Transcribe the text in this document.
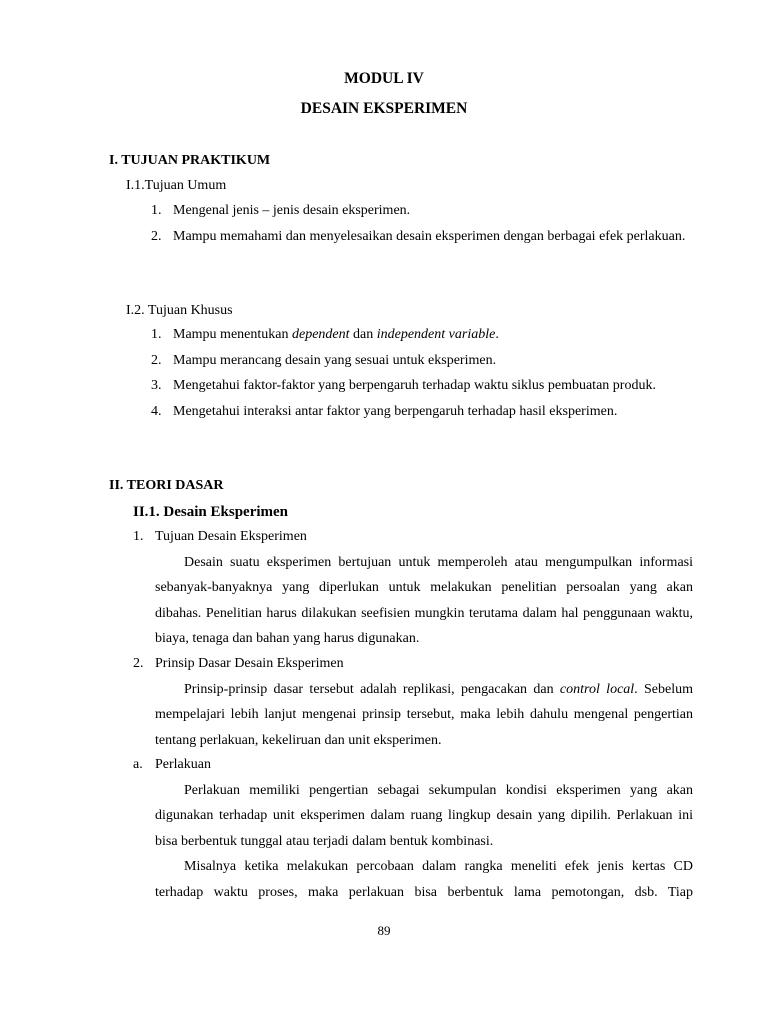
MODUL IV
DESAIN EKSPERIMEN
I. TUJUAN PRAKTIKUM
I.1.Tujuan Umum
1. Mengenal jenis – jenis desain eksperimen.
2. Mampu memahami dan menyelesaikan desain eksperimen dengan berbagai efek perlakuan.
I.2. Tujuan Khusus
1. Mampu menentukan dependent dan independent variable.
2. Mampu merancang desain yang sesuai untuk eksperimen.
3. Mengetahui faktor-faktor yang berpengaruh terhadap waktu siklus pembuatan produk.
4. Mengetahui interaksi antar faktor yang berpengaruh terhadap hasil eksperimen.
II. TEORI DASAR
II.1. Desain Eksperimen
1. Tujuan Desain Eksperimen
Desain suatu eksperimen bertujuan untuk memperoleh atau mengumpulkan informasi sebanyak-banyaknya yang diperlukan untuk melakukan penelitian persoalan yang akan dibahas. Penelitian harus dilakukan seefisien mungkin terutama dalam hal penggunaan waktu, biaya, tenaga dan bahan yang harus digunakan.
2. Prinsip Dasar Desain Eksperimen
Prinsip-prinsip dasar tersebut adalah replikasi, pengacakan dan control local. Sebelum mempelajari lebih lanjut mengenai prinsip tersebut, maka lebih dahulu mengenal pengertian tentang perlakuan, kekeliruan dan unit eksperimen.
a. Perlakuan
Perlakuan memiliki pengertian sebagai sekumpulan kondisi eksperimen yang akan digunakan terhadap unit eksperimen dalam ruang lingkup desain yang dipilih. Perlakuan ini bisa berbentuk tunggal atau terjadi dalam bentuk kombinasi.
Misalnya ketika melakukan percobaan dalam rangka meneliti efek jenis kertas CD terhadap waktu proses, maka perlakuan bisa berbentuk lama pemotongan, dsb. Tiap
89
